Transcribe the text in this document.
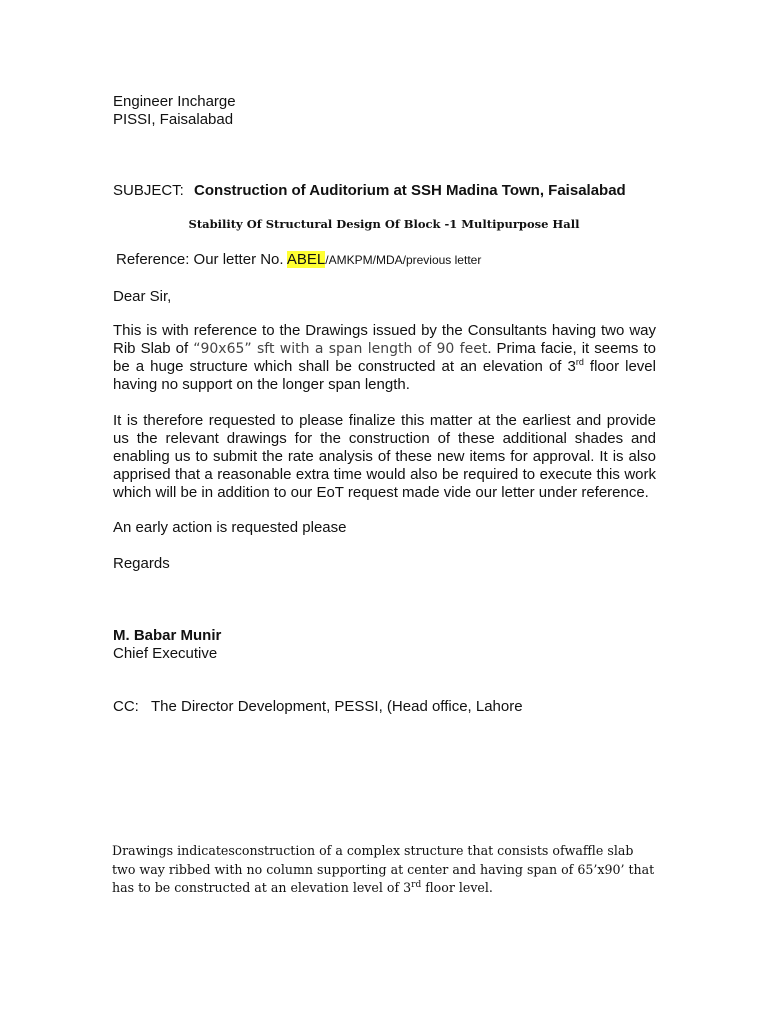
Engineer Incharge
PISSI, Faisalabad
SUBJECT: Construction of Auditorium at SSH Madina Town, Faisalabad
Stability Of Structural Design Of Block -1 Multipurpose Hall
Reference: Our letter No. ABEL/AMKPM/MDA/previous letter
Dear Sir,
This is with reference to the Drawings issued by the Consultants having two way Rib Slab of “90x65” sft with a span length of 90 feet. Prima facie, it seems to be a huge structure which shall be constructed at an elevation of 3rd floor level having no support on the longer span length.
It is therefore requested to please finalize this matter at the earliest and provide us the relevant drawings for the construction of these additional shades and enabling us to submit the rate analysis of these new items for approval. It is also apprised that a reasonable extra time would also be required to execute this work which will be in addition to our EoT request made vide our letter under reference.
An early action is requested please
Regards
M. Babar Munir
Chief Executive
CC: The Director Development, PESSI, (Head office, Lahore
Drawings indicatesconstruction of a complex structure that consists ofwaffle slab
two way ribbed with no column supporting at center and having span of 65’x90’ that
has to be constructed at an elevation level of 3rd floor level.
